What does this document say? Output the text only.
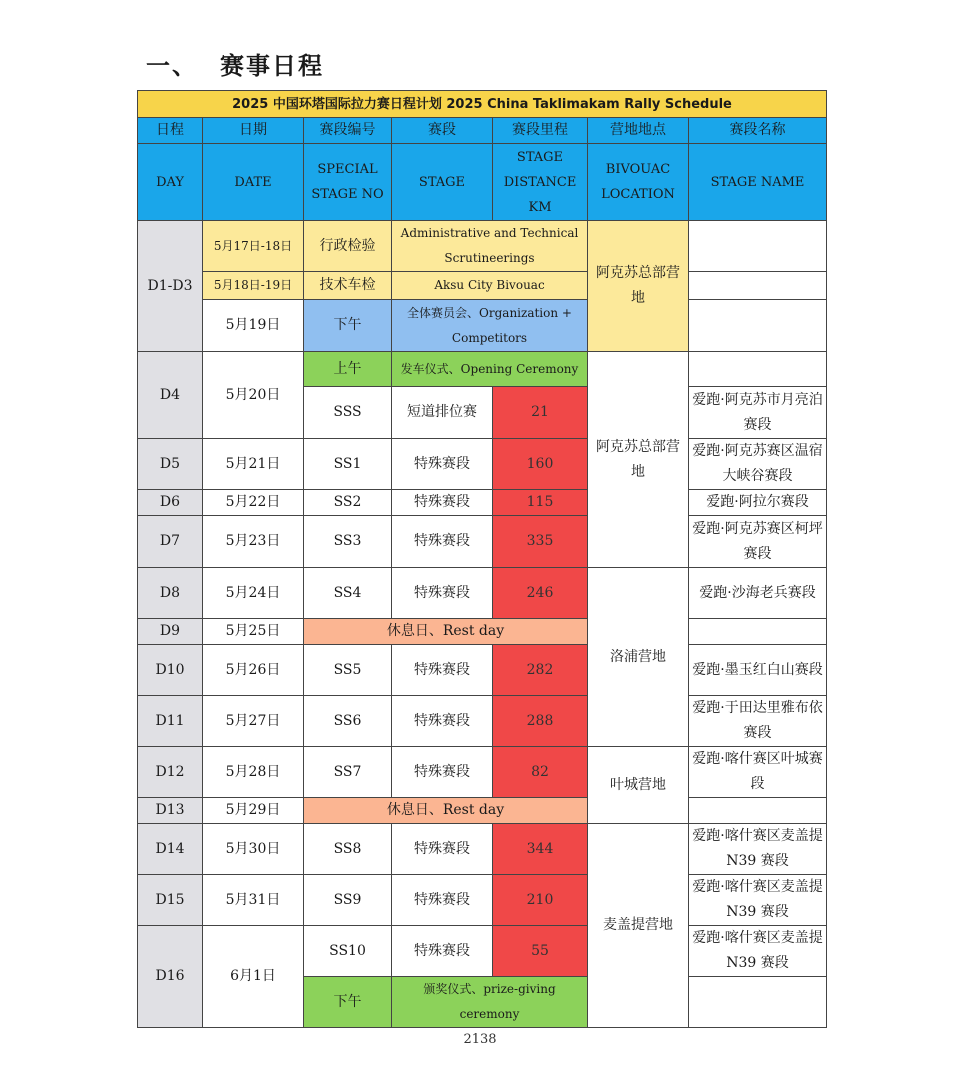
一、 赛事日程
2025 中国环塔国际拉力赛日程计划 2025 China Taklimakam Rally Schedule						
日程	日期	赛段编号	赛段	赛段里程	营地地点	赛段名称
DAY	DATE	SPECIAL STAGE NO	STAGE	STAGE DISTANCE KM	BIVOUAC LOCATION	STAGE NAME
D1-D3	5月17日-18日	行政检验	Administrative and Technical Scrutineerings		阿克苏总部营地	
	5月18日-19日	技术车检	Aksu City Bivouac			
	5月19日	下午	全体赛员会、Organization + Competitors			
D4	5月20日	上午	发车仪式、Opening Ceremony		阿克苏总部营地	
		SSS	短道排位赛	21		爱跑·阿克苏市月亮泊赛段
D5	5月21日	SS1	特殊赛段	160		爱跑·阿克苏赛区温宿大峡谷赛段
D6	5月22日	SS2	特殊赛段	115		爱跑·阿拉尔赛段
D7	5月23日	SS3	特殊赛段	335		爱跑·阿克苏赛区柯坪赛段
D8	5月24日	SS4	特殊赛段	246	洛浦营地	爱跑·沙海老兵赛段
D9	5月25日	休息日、Rest day				
D10	5月26日	SS5	特殊赛段	282		爱跑·墨玉红白山赛段
D11	5月27日	SS6	特殊赛段	288		爱跑·于田达里雅布依赛段
D12	5月28日	SS7	特殊赛段	82	叶城营地	爱跑·喀什赛区叶城赛段
D13	5月29日	休息日、Rest day				
D14	5月30日	SS8	特殊赛段	344	麦盖提营地	爱跑·喀什赛区麦盖提 N39 赛段
D15	5月31日	SS9	特殊赛段	210		爱跑·喀什赛区麦盖提 N39 赛段
D16	6月1日	SS10	特殊赛段	55		爱跑·喀什赛区麦盖提 N39 赛段
		下午	颁奖仪式、prize-giving ceremony			
2138
